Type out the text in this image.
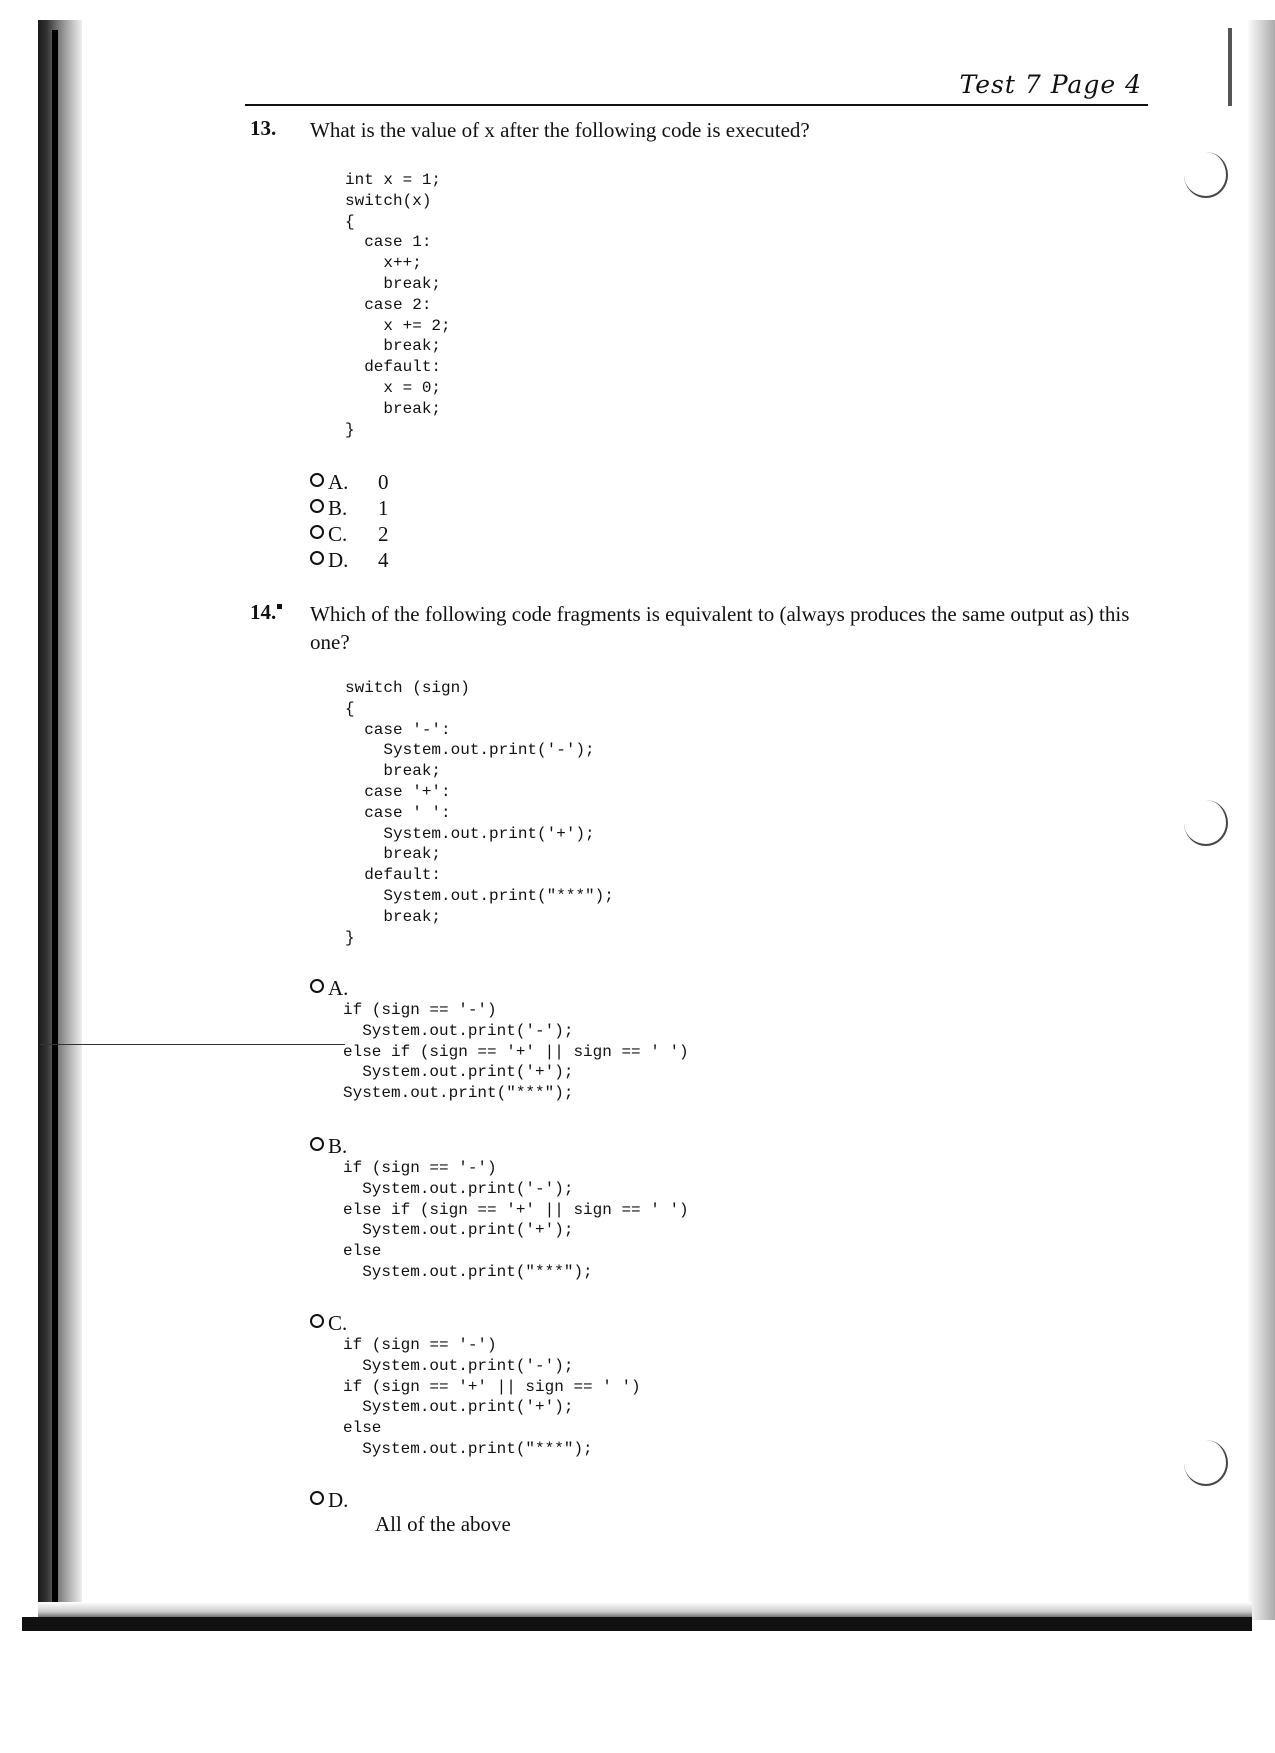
Test 7 Page 4
13. What is the value of x after the following code is executed?
int x = 1;
switch(x)
{
case 1:
x++;
break;
case 2:
x += 2;
break;
default:
x = 0;
break;
}
A.	0
B.	1
C.	2
D.	4
14. Which of the following code fragments is equivalent to (always produces the same output as) this one?
switch (sign)
{
case '-':
System.out.print('-');
break;
case '+':
case ' ':
System.out.print('+');
break;
default:
System.out.print("***");
break;
}
A.
if (sign == '-')
System.out.print('-');
else if (sign == '+' || sign == ' ')
System.out.print('+');
System.out.print("***");
B.
if (sign == '-')
System.out.print('-');
else if (sign == '+' || sign == ' ')
System.out.print('+');
else
System.out.print("***");
C.
if (sign == '-')
System.out.print('-');
if (sign == '+' || sign == ' ')
System.out.print('+');
else
System.out.print("***");
D.
All of the above
